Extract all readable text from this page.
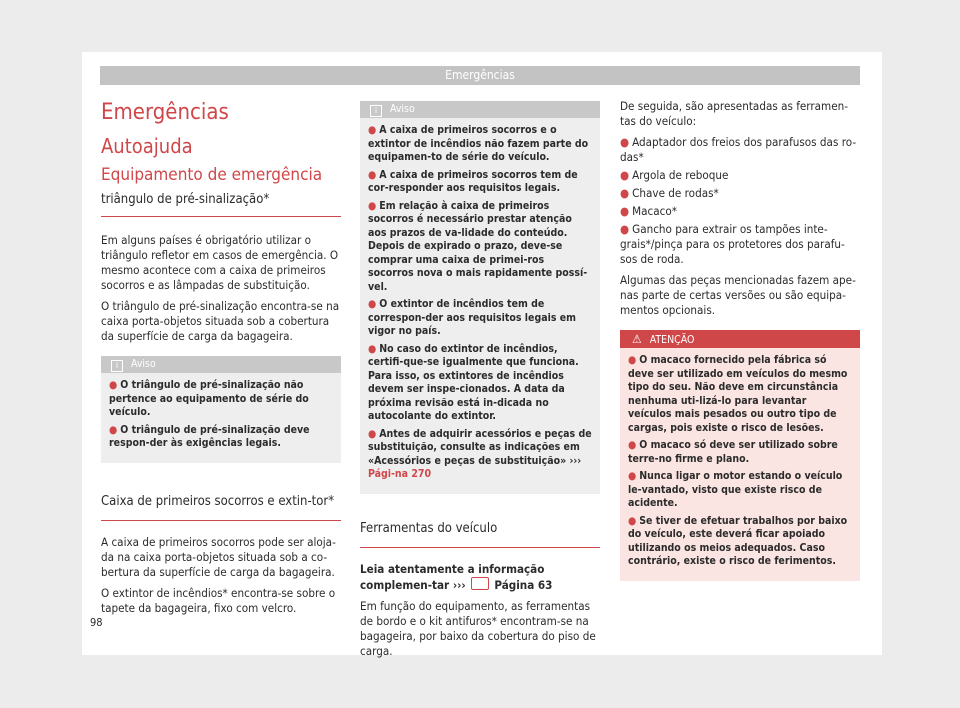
Emergências
Emergências
Autoajuda
Equipamento de emergência
triângulo de pré-sinalização*

Em alguns países é obrigatório utilizar o triângulo refletor em casos de emergência. O mesmo acontece com a caixa de primeiros socorros e as lâmpadas de substituição.

O triângulo de pré-sinalização encontra-se na caixa porta-objetos situada sob a cobertura da superfície de carga da bagageira.

i Aviso
● O triângulo de pré-sinalização não pertence ao equipamento de série do veículo.
● O triângulo de pré-sinalização deve respon-der às exigências legais.
Caixa de primeiros socorros e extin-tor*

A caixa de primeiros socorros pode ser aloja-da na caixa porta-objetos situada sob a co-bertura da superfície de carga da bagageira.

O extintor de incêndios* encontra-se sobre o tapete da bagageira, fixo com velcro.

i Aviso
● A caixa de primeiros socorros e o extintor de incêndios não fazem parte do equipamen-to de série do veículo.
● A caixa de primeiros socorros tem de cor-responder aos requisitos legais.
● Em relação à caixa de primeiros socorros é necessário prestar atenção aos prazos de va-lidade do conteúdo. Depois de expirado o prazo, deve-se comprar uma caixa de primei-ros socorros nova o mais rapidamente possí-vel.
● O extintor de incêndios tem de correspon-der aos requisitos legais em vigor no país.
● No caso do extintor de incêndios, certifi-que-se igualmente que funciona. Para isso, os extintores de incêndios devem ser inspe-cionados. A data da próxima revisão está in-dicada no autocolante do extintor.
● Antes de adquirir acessórios e peças de substituição, consulte as indicações em «Acessórios e peças de substituição» ››› Pági-na 270
Ferramentas do veículo

Leia atentamente a informação complemen-tar ››› Página 63

Em função do equipamento, as ferramentas de bordo e o kit antifuros* encontram-se na bagageira, por baixo da cobertura do piso de carga.

De seguida, são apresentadas as ferramen-tas do veículo:

● Adaptador dos freios dos parafusos das ro-das*
● Argola de reboque
● Chave de rodas*
● Macaco*
● Gancho para extrair os tampões inte-grais*/pinça para os protetores dos parafu-sos de roda.

Algumas das peças mencionadas fazem ape-nas parte de certas versões ou são equipa-mentos opcionais.

⚠ ATENÇÃO
● O macaco fornecido pela fábrica só deve ser utilizado em veículos do mesmo tipo do seu. Não deve em circunstância nenhuma uti-lizá-lo para levantar veículos mais pesados ou outro tipo de cargas, pois existe o risco de lesões.
● O macaco só deve ser utilizado sobre terre-no firme e plano.
● Nunca ligar o motor estando o veículo le-vantado, visto que existe risco de acidente.
● Se tiver de efetuar trabalhos por baixo do veículo, este deverá ficar apoiado utilizando os meios adequados. Caso contrário, existe o risco de ferimentos.
98
